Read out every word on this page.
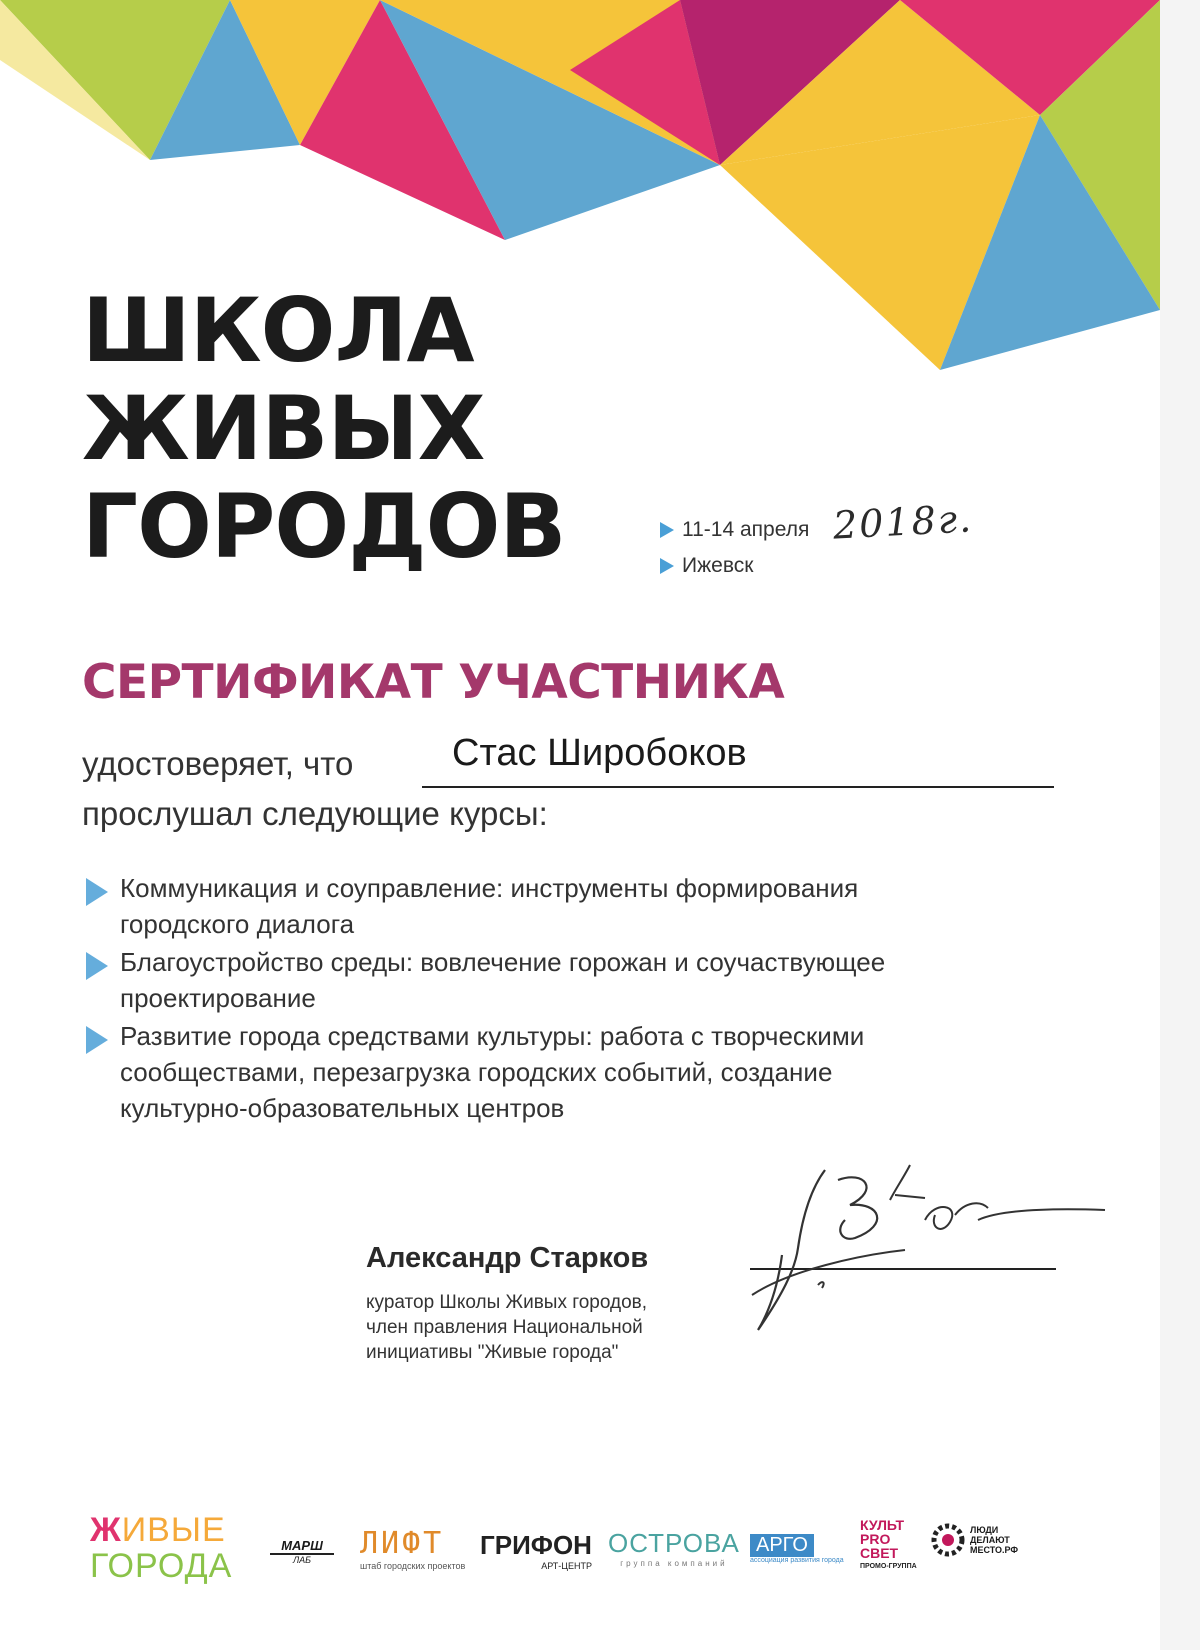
ШКОЛА
ЖИВЫХ
ГОРОДОВ	11-14 апреля 2018г.
Ижевск
СЕРТИФИКАТ УЧАСТНИКА
удостоверяет, что	Стас Широбоков
прослушал следующие курсы:
Коммуникация и соуправление: инструменты формирования
городского диалога
Благоустройство среды: вовлечение горожан и соучаствующее
проектирование
Развитие города средствами культуры: работа с творческими
сообществами, перезагрузка городских событий, создание
культурно-образовательных центров
Александр Старков
куратор Школы Живых городов,
член правления Национальной
инициативы "Живые города"
ЖИВЫЕ
ГОРОДА
МАРШ
ЛАБ	ЛИФТ
штаб городских проектов
ГРИФОН
АРТ-ЦЕНТР
ОСТРОВА
группа компаний
АРГО
ассоциация развития города
КУЛЬТ
PRO
СВЕТ
ПРОМО-ГРУППА
ЛЮДИ
ДЕЛАЮТ
МЕСТО.РФ
